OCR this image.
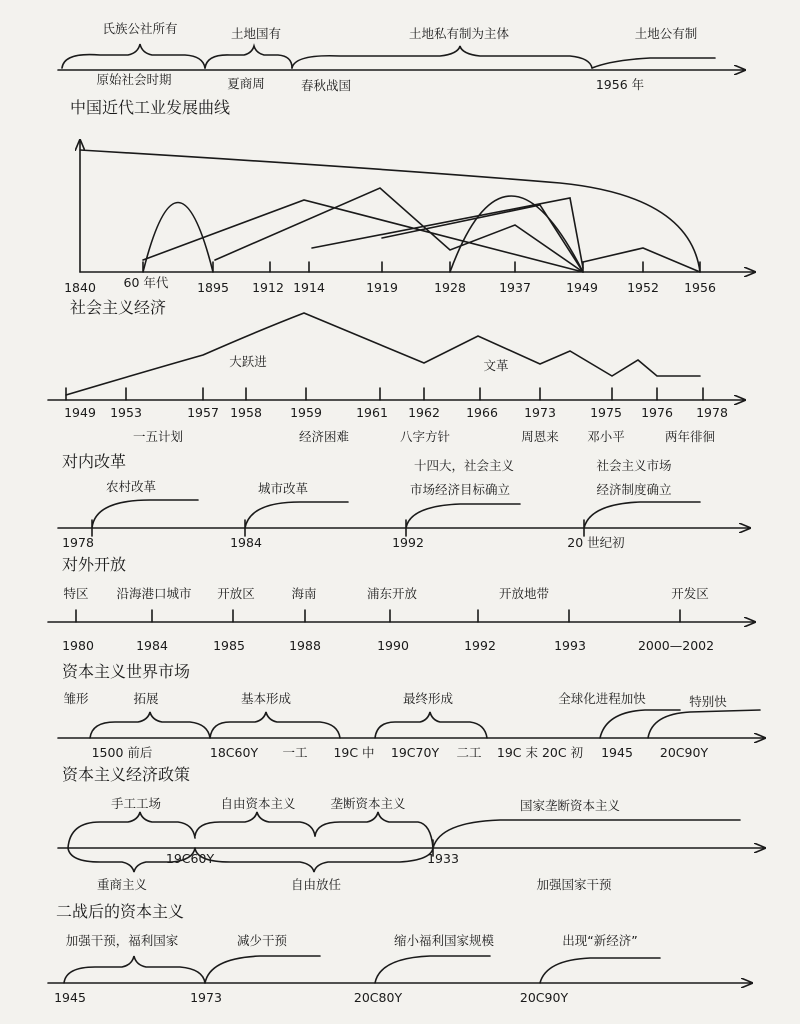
氏族公社所有	土地国有	土地私有制为主体	土地公有制
原始社会时期	夏商周	春秋战国	1956 年
中国近代工业发展曲线
1840 60 年代 1895 1912 1914	1919	1928	1937	1949 1952 1956
社会主义经济
大跃进	文革
1949 1953	1957 1958 1959	1961 1962 1966 1973	1975 1976 1978
一五计划	经济困难	八字方针	周恩来 邓小平	两年徘徊
对内改革
农村改革	城市改革
十四大，社会主义
市场经济目标确立
社会主义市场
经济制度确立
1978	1984	1992	20 世纪初
对外开放
特区 沿海港口城市 开放区	海南	浦东开放	开放地带	开发区
1980	1984	1985	1988	1990	1992	1993	2000—2002
资本主义世界市场
雏形	拓展	基本形成	最终形成	全球化进程加快	特别快
1500 前后	18C60Y 一工 19C 中 19C70Y 二工 19C 末 20C 初 1945 20C90Y
资本主义经济政策
手工工场	自由资本主义	垄断资本主义	国家垄断资本主义
19C60Y	1933
重商主义	自由放任	加强国家干预
二战后的资本主义
加强干预，福利国家	减少干预	缩小福利国家规模	出现“新经济”
1945	1973	20C80Y	20C90Y
